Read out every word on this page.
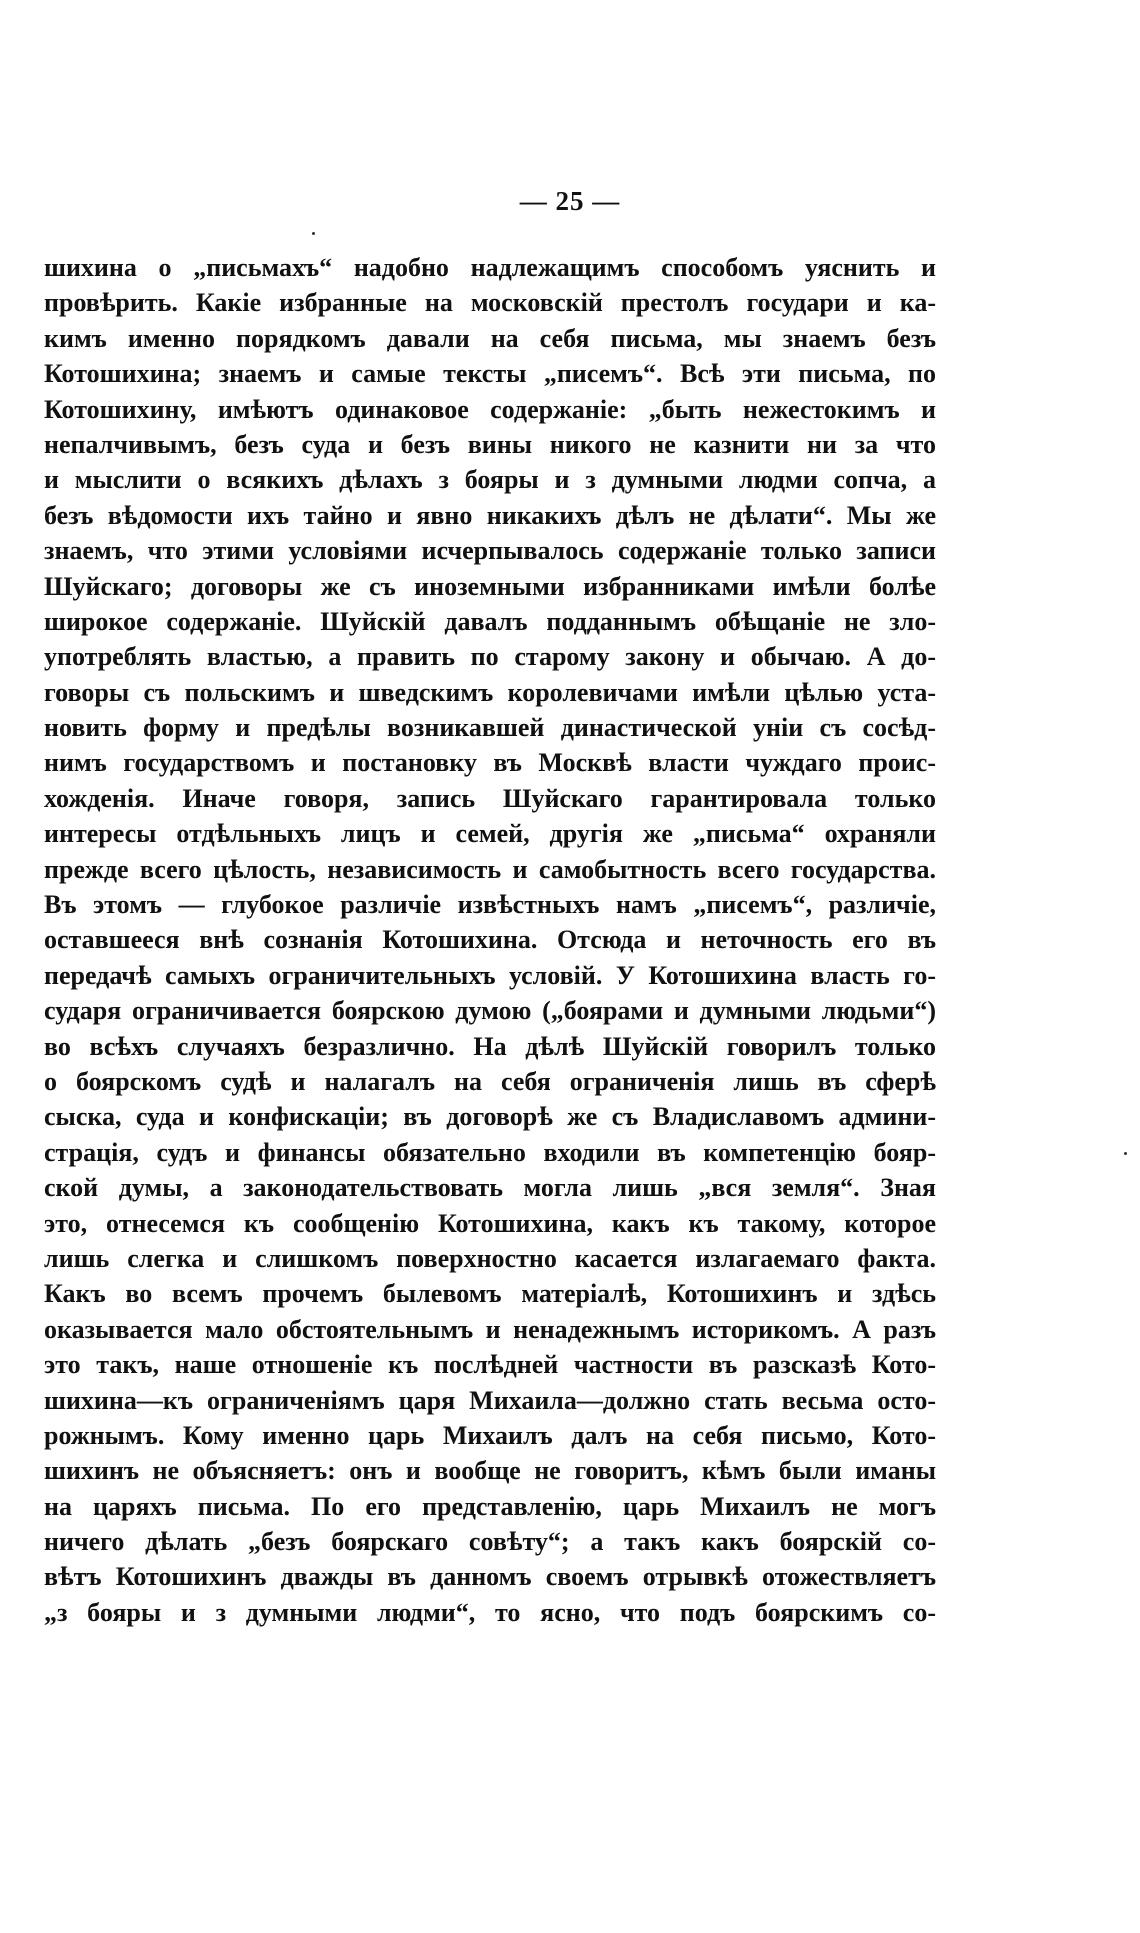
— 25 —
шихина о „письмахъ“ надобно надлежащимъ способомъ уяснить и
провѣрить. Какiе избранные на московскiй престолъ государи и ка-
кимъ именно порядкомъ давали на себя письма, мы знаемъ безъ
Котошихина; знаемъ и самые тексты „писемъ“. Всѣ эти письма, по
Котошихину, имѣютъ одинаковое содержанiе: „быть нежестокимъ и
непалчивымъ, безъ суда и безъ вины никого не казнити ни за что
и мыслити о всякихъ дѣлахъ з бояры и з думными людми сопча, а
безъ вѣдомости ихъ тайно и явно никакихъ дѣлъ не дѣлати“. Мы же
знаемъ, что этими условiями исчерпывалось содержанiе только записи
Шуйскаго; договоры же съ иноземными избранниками имѣли болѣе
широкое содержанiе. Шуйскiй давалъ подданнымъ обѣщанiе не зло-
употреблять властью, а править по старому закону и обычаю. А до-
говоры съ польскимъ и шведскимъ королевичами имѣли цѣлью уста-
новить форму и предѣлы возникавшей династической унiи съ сосѣд-
нимъ государствомъ и постановку въ Москвѣ власти чуждаго проис-
хожденiя. Иначе говоря, запись Шуйскаго гарантировала только
интересы отдѣльныхъ лицъ и семей, другiя же „письма“ охраняли
прежде всего цѣлость, независимость и самобытность всего государства.
Въ этомъ — глубокое различiе извѣстныхъ намъ „писемъ“, различiе,
оставшееся внѣ сознанiя Котошихина. Отсюда и неточность его въ
передачѣ самыхъ ограничительныхъ условiй. У Котошихина власть го-
сударя ограничивается боярскою думою („боярами и думными людьми“)
во всѣхъ случаяхъ безразлично. На дѣлѣ Шуйскiй говорилъ только
о боярскомъ судѣ и налагалъ на себя ограниченiя лишь въ сферѣ
сыска, суда и конфискацiи; въ договорѣ же съ Владиславомъ админи-
страцiя, судъ и финансы обязательно входили въ компетенцiю бояр-
ской думы, а законодательствовать могла лишь „вся земля“. Зная
это, отнесемся къ сообщенiю Котошихина, какъ къ такому, которое
лишь слегка и слишкомъ поверхностно касается излагаемаго факта.
Какъ во всемъ прочемъ былевомъ матерiалѣ, Котошихинъ и здѣсь
оказывается мало обстоятельнымъ и ненадежнымъ историкомъ. А разъ
это такъ, наше отношенiе къ послѣдней частности въ разсказѣ Кото-
шихина—къ ограниченiямъ царя Михаила—должно стать весьма осто-
рожнымъ. Кому именно царь Михаилъ далъ на себя письмо, Кото-
шихинъ не объясняетъ: онъ и вообще не говоритъ, кѣмъ были иманы
на царяхъ письма. По его представленiю, царь Михаилъ не могъ
ничего дѣлать „безъ боярскаго совѣту“; а такъ какъ боярскiй со-
вѣтъ Котошихинъ дважды въ данномъ своемъ отрывкѣ отожествляетъ
„з бояры и з думными людми“, то ясно, что подъ боярскимъ со-
